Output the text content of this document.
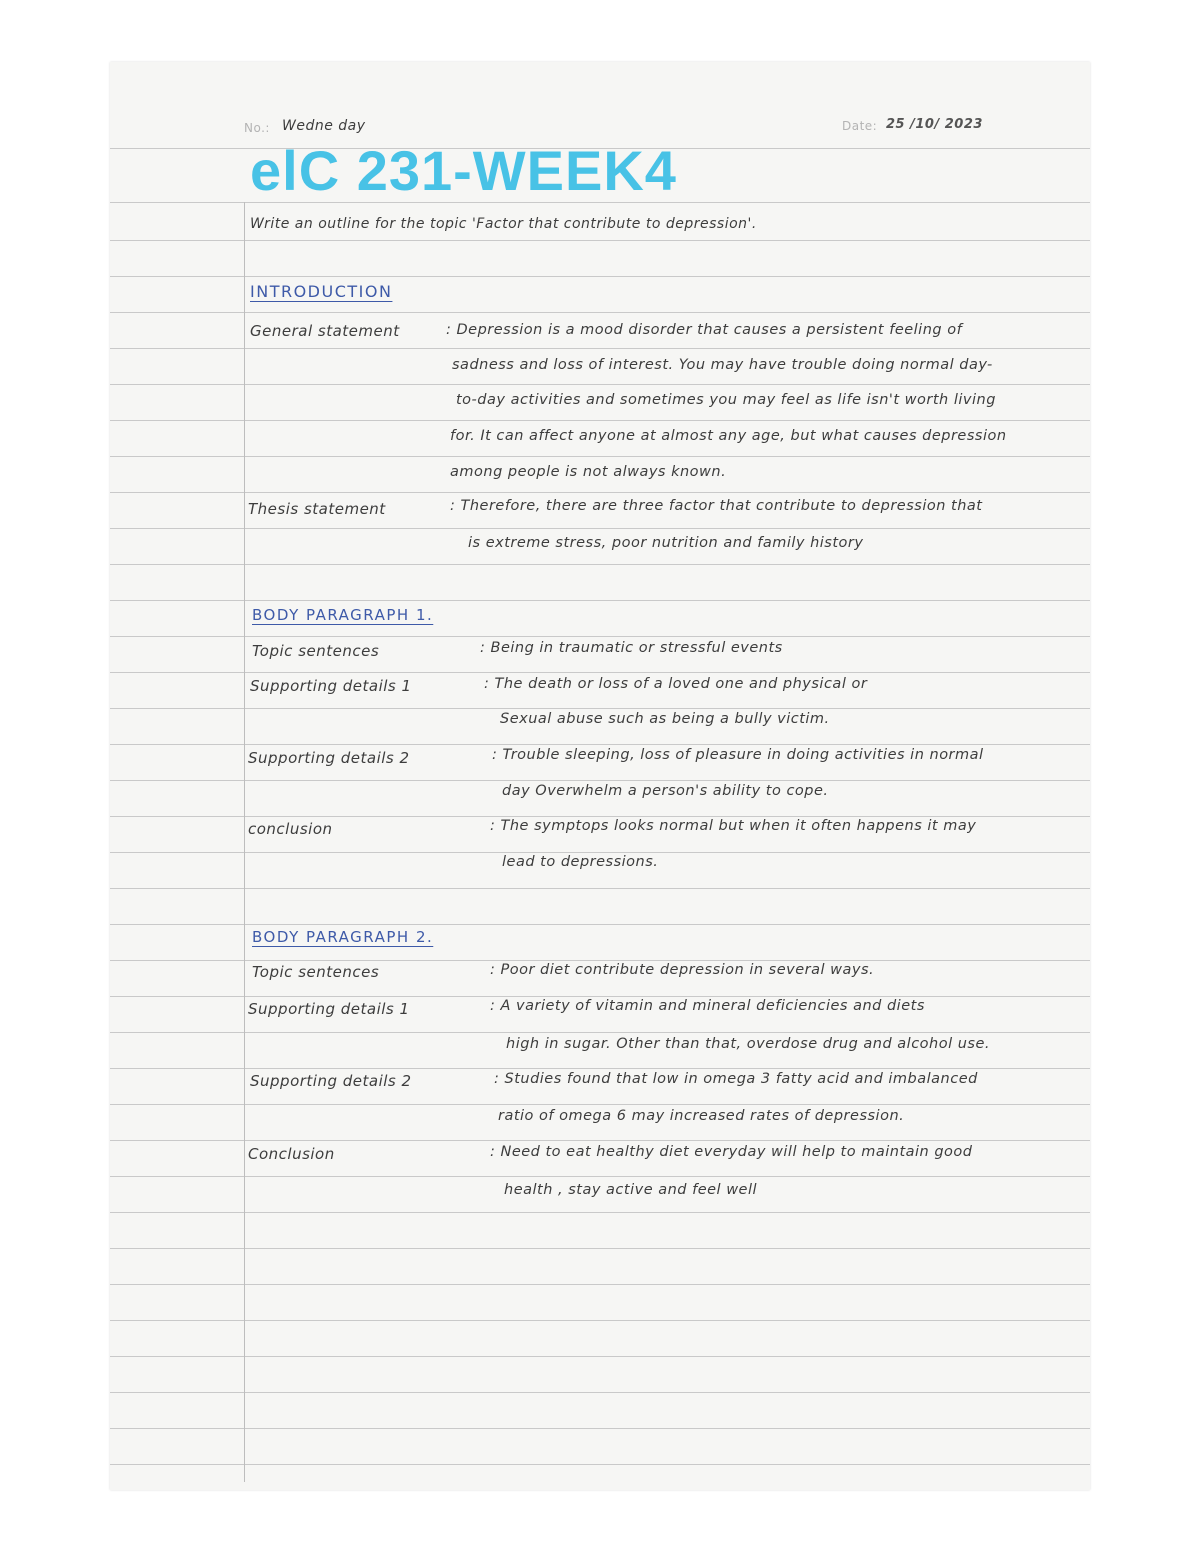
No.: Wedne day	Date: 25 /10/ 2023
elC 231-WEEK4
Write an outline for the topic 'Factor that contribute to depression'.
INTRODUCTION
General statement	: Depression is a mood disorder that causes a persistent feeling of
sadness and loss of interest. You may have trouble doing normal day-
to-day activities and sometimes you may feel as life isn't worth living
for. It can affect anyone at almost any age, but what causes depression
among people is not always known.
Thesis statement	: Therefore, there are three factor that contribute to depression that
is extreme stress, poor nutrition and family history
BODY PARAGRAPH 1.
Topic sentences	: Being in traumatic or stressful events
Supporting details 1	: The death or loss of a loved one and physical or
Sexual abuse such as being a bully victim.
Supporting details 2	: Trouble sleeping, loss of pleasure in doing activities in normal
day Overwhelm a person's ability to cope.
conclusion	: The symptops looks normal but when it often happens it may
lead to depressions.
BODY PARAGRAPH 2.
Topic sentences	: Poor diet contribute depression in several ways.
Supporting details 1	: A variety of vitamin and mineral deficiencies and diets
high in sugar. Other than that, overdose drug and alcohol use.
Supporting details 2	: Studies found that low in omega 3 fatty acid and imbalanced
ratio of omega 6 may increased rates of depression.
Conclusion	: Need to eat healthy diet everyday will help to maintain good
health , stay active and feel well
